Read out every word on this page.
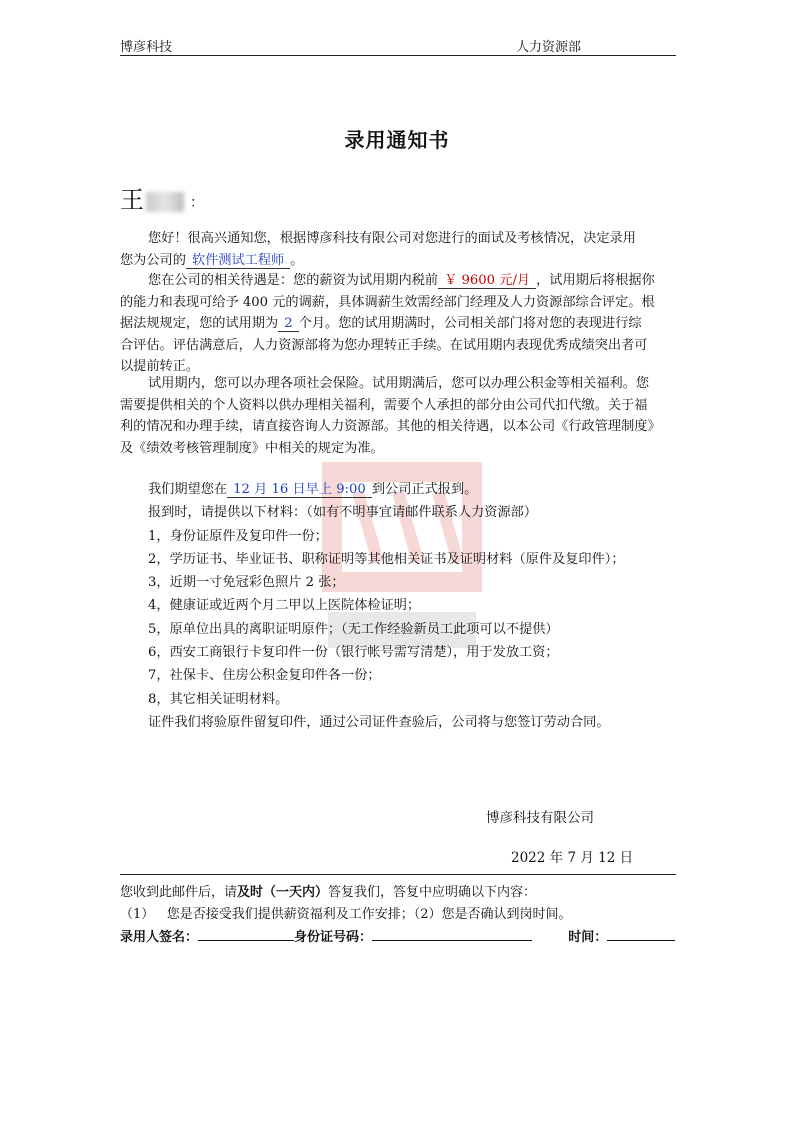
博彦科技	人力资源部
录用通知书
王	：
您好！很高兴通知您，根据博彦科技有限公司对您进行的面试及考核情况，决定录用
您为公司的 软件测试工程师 。
您在公司的相关待遇是：您的薪资为试用期内税前 ￥ 9600 元/月 ，试用期后将根据你
的能力和表现可给予 400 元的调薪，具体调薪生效需经部门经理及人力资源部综合评定。根
据法规规定，您的试用期为 2 个月。您的试用期满时，公司相关部门将对您的表现进行综
合评估。评估满意后，人力资源部将为您办理转正手续。在试用期内表现优秀成绩突出者可
以提前转正。
试用期内，您可以办理各项社会保险。试用期满后，您可以办理公积金等相关福利。您
需要提供相关的个人资料以供办理相关福利，需要个人承担的部分由公司代扣代缴。关于福
利的情况和办理手续，请直接咨询人力资源部。其他的相关待遇，以本公司《行政管理制度》
及《绩效考核管理制度》中相关的规定为准。
我们期望您在 12 月 16 日早上 9:00 到公司正式报到。
报到时，请提供以下材料：（如有不明事宜请邮件联系人力资源部）
1，身份证原件及复印件一份；
2，学历证书、毕业证书、职称证明等其他相关证书及证明材料（原件及复印件）；
3，近期一寸免冠彩色照片 2 张；
4，健康证或近两个月二甲以上医院体检证明；
5，原单位出具的离职证明原件；（无工作经验新员工此项可以不提供）
6，西安工商银行卡复印件一份（银行帐号需写清楚），用于发放工资；
7，社保卡、住房公积金复印件各一份；
8，其它相关证明材料。
证件我们将验原件留复印件，通过公司证件查验后，公司将与您签订劳动合同。
博彦科技有限公司
2022 年 7 月 12 日
您收到此邮件后，请及时（一天内）答复我们，答复中应明确以下内容：
（1） 您是否接受我们提供薪资福利及工作安排；（2）您是否确认到岗时间。
录用人签名：	身份证号码：	时间：
